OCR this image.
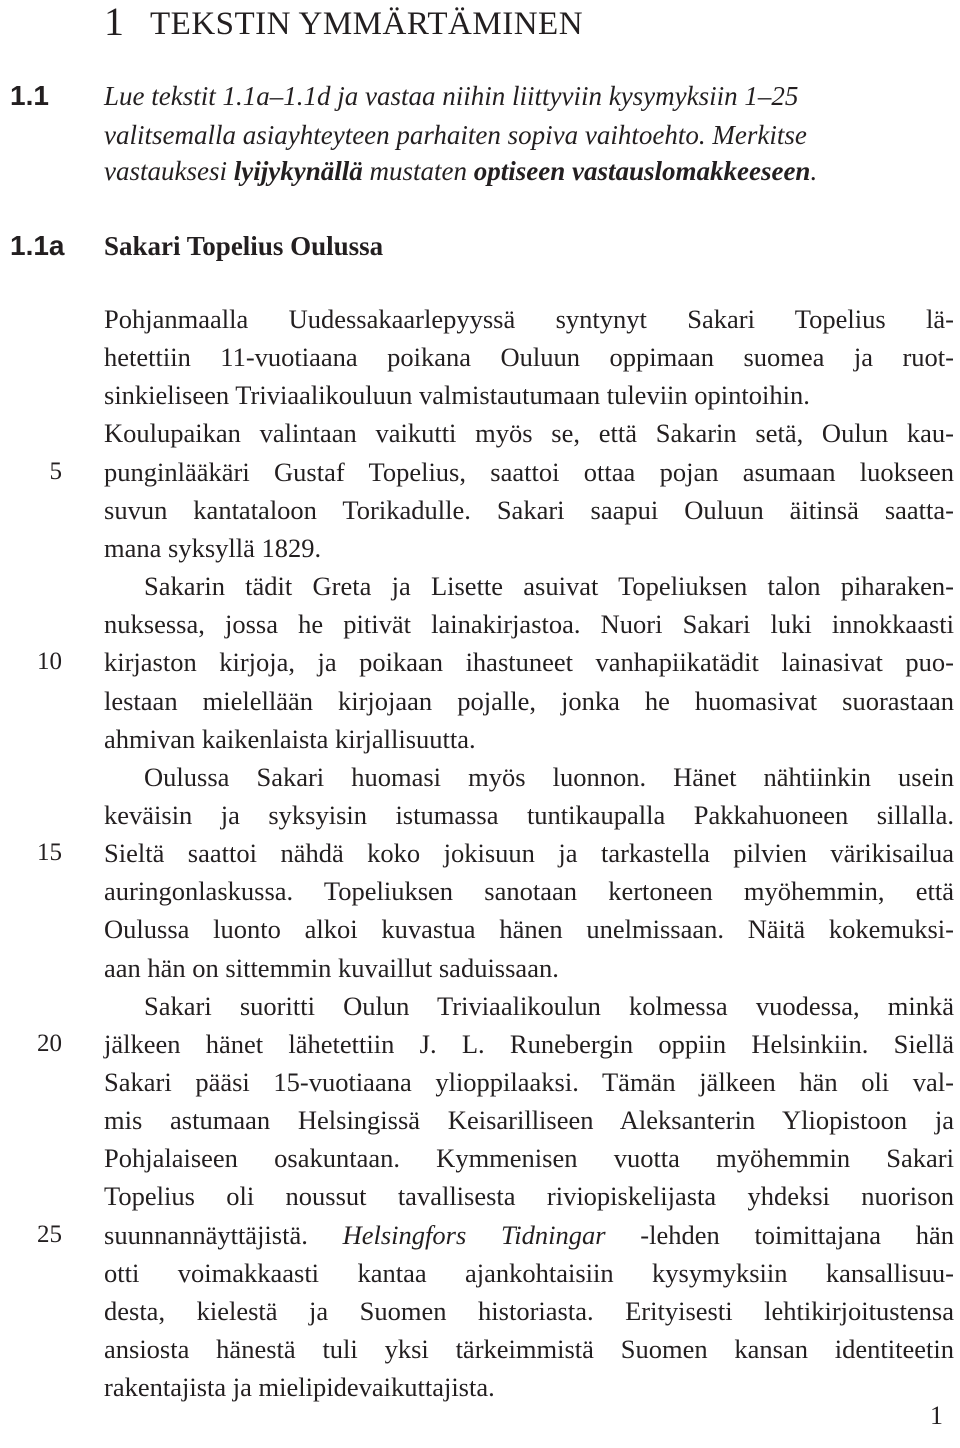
1 TEKSTIN YMMÄRTÄMINEN
1.1 Lue tekstit 1.1a–1.1d ja vastaa niihin liittyviin kysymyksiin 1–25
valitsemalla asiayhteyteen parhaiten sopiva vaihtoehto. Merkitse
vastauksesi lyijykynällä mustaten optiseen vastauslomakkeeseen.
1.1a Sakari Topelius Oulussa
Pohjanmaalla Uudessakaarlepyyssä syntynyt Sakari Topelius lä-
hetettiin 11-vuotiaana poikana Ouluun oppimaan suomea ja ruot-
sinkieliseen Triviaalikouluun valmistautumaan tuleviin opintoihin.
Koulupaikan valintaan vaikutti myös se, että Sakarin setä, Oulun kau-
punginlääkäri Gustaf Topelius, saattoi ottaa pojan asumaan luokseen
suvun kantataloon Torikadulle. Sakari saapui Ouluun äitinsä saatta-
mana syksyllä 1829.
Sakarin tädit Greta ja Lisette asuivat Topeliuksen talon piharaken-
nuksessa, jossa he pitivät lainakirjastoa. Nuori Sakari luki innokkaasti
kirjaston kirjoja, ja poikaan ihastuneet vanhapiikatädit lainasivat puo-
lestaan mielellään kirjojaan pojalle, jonka he huomasivat suorastaan
ahmivan kaikenlaista kirjallisuutta.
Oulussa Sakari huomasi myös luonnon. Hänet nähtiinkin usein
keväisin ja syksyisin istumassa tuntikaupalla Pakkahuoneen sillalla.
Sieltä saattoi nähdä koko jokisuun ja tarkastella pilvien värikisailua
auringonlaskussa. Topeliuksen sanotaan kertoneen myöhemmin, että
Oulussa luonto alkoi kuvastua hänen unelmissaan. Näitä kokemuksi-
aan hän on sittemmin kuvaillut saduissaan.
Sakari suoritti Oulun Triviaalikoulun kolmessa vuodessa, minkä
jälkeen hänet lähetettiin J. L. Runebergin oppiin Helsinkiin. Siellä
Sakari pääsi 15-vuotiaana ylioppilaaksi. Tämän jälkeen hän oli val-
mis astumaan Helsingissä Keisarilliseen Aleksanterin Yliopistoon ja
Pohjalaiseen osakuntaan. Kymmenisen vuotta myöhemmin Sakari
Topelius oli noussut tavallisesta riviopiskelijasta yhdeksi nuorison
suunnannäyttäjistä. Helsingfors Tidningar -lehden toimittajana hän
otti voimakkaasti kantaa ajankohtaisiin kysymyksiin kansallisuu-
desta, kielestä ja Suomen historiasta. Erityisesti lehtikirjoitustensa
ansiosta hänestä tuli yksi tärkeimmistä Suomen kansan identiteetin
rakentajista ja mielipidevaikuttajista.
5
10
15
20
25
1
